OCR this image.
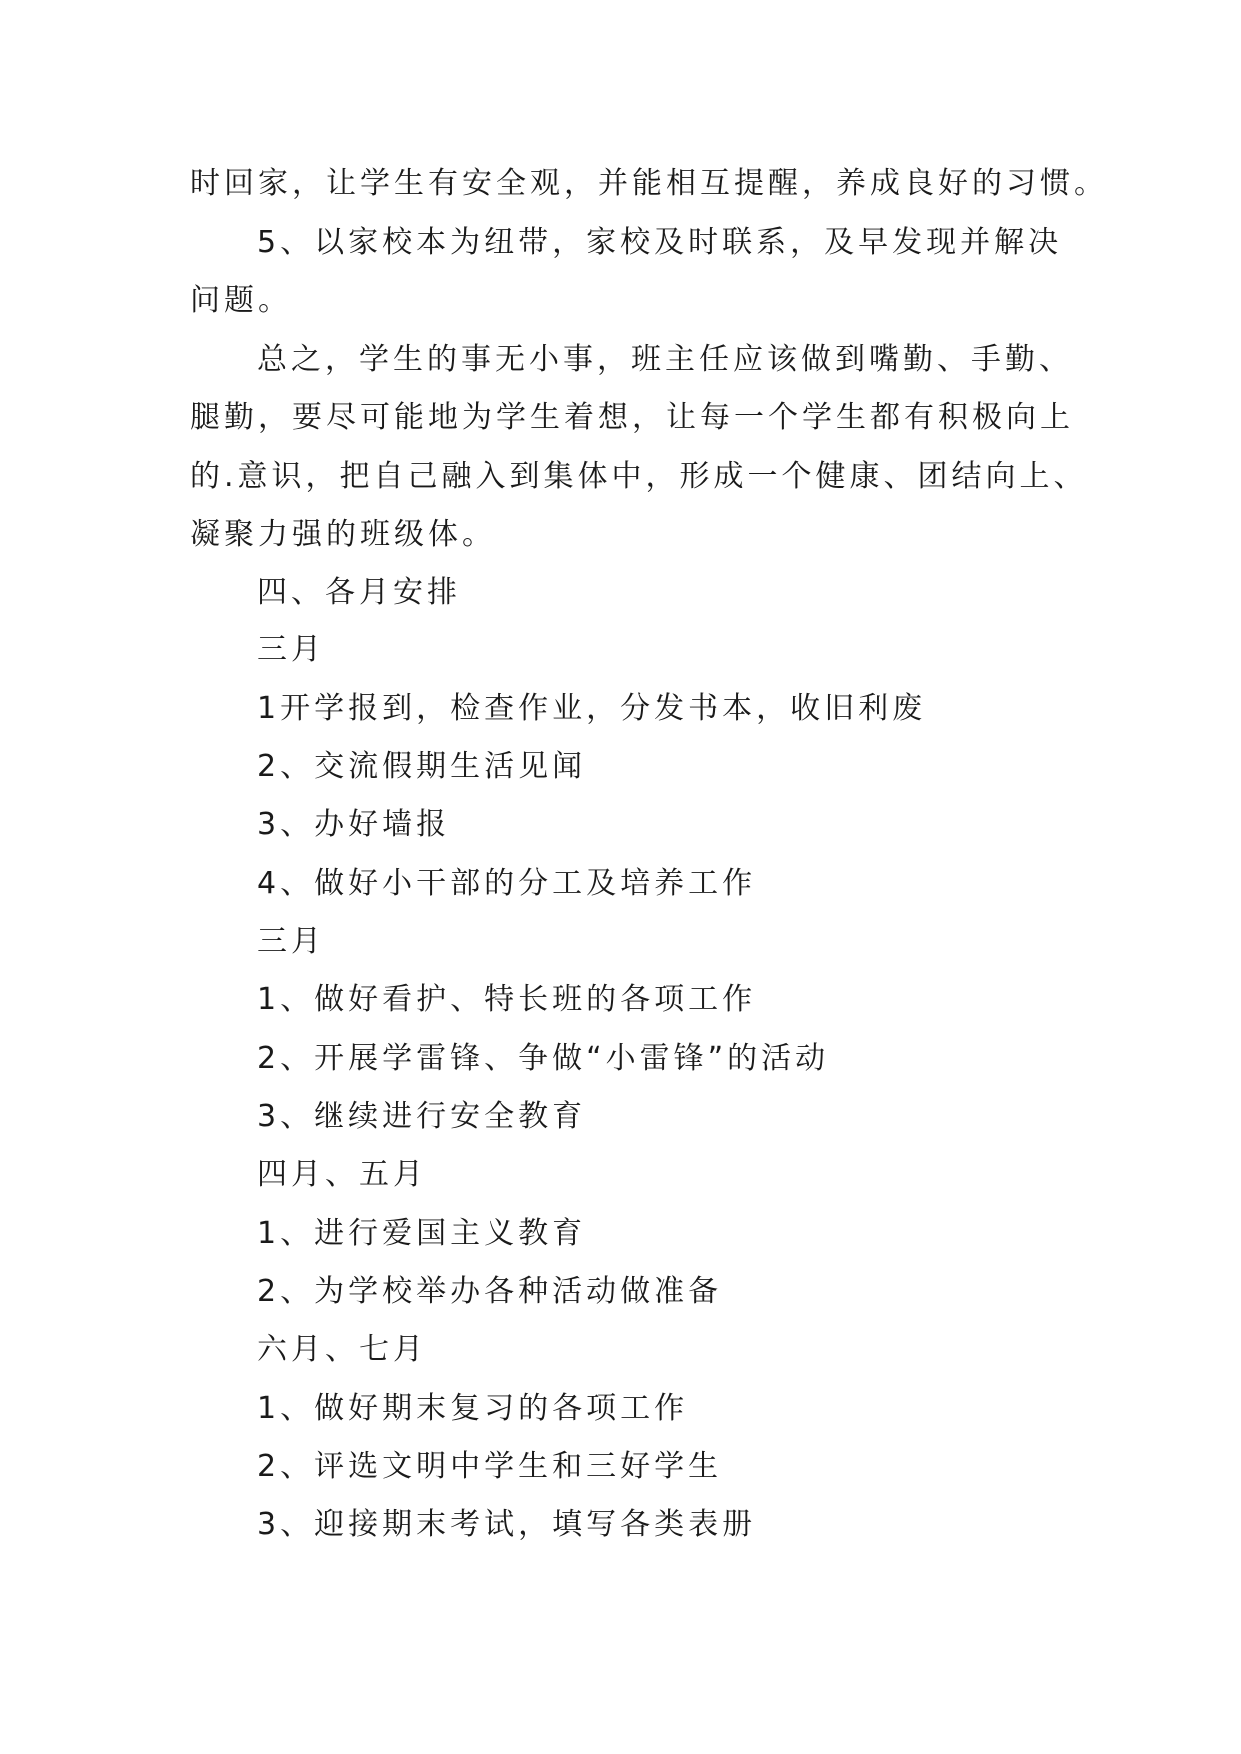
时回家，让学生有安全观，并能相互提醒，养成良好的习惯。
5、以家校本为纽带，家校及时联系，及早发现并解决
问题。
总之，学生的事无小事，班主任应该做到嘴勤、手勤、
腿勤，要尽可能地为学生着想，让每一个学生都有积极向上
的.意识，把自己融入到集体中，形成一个健康、团结向上、
凝聚力强的班级体。
四、各月安排
三月
1开学报到，检查作业，分发书本，收旧利废
2、交流假期生活见闻
3、办好墙报
4、做好小干部的分工及培养工作
三月
1、做好看护、特长班的各项工作
2、开展学雷锋、争做“小雷锋”的活动
3、继续进行安全教育
四月、五月
1、进行爱国主义教育
2、为学校举办各种活动做准备
六月、七月
1、做好期末复习的各项工作
2、评选文明中学生和三好学生
3、迎接期末考试，填写各类表册
